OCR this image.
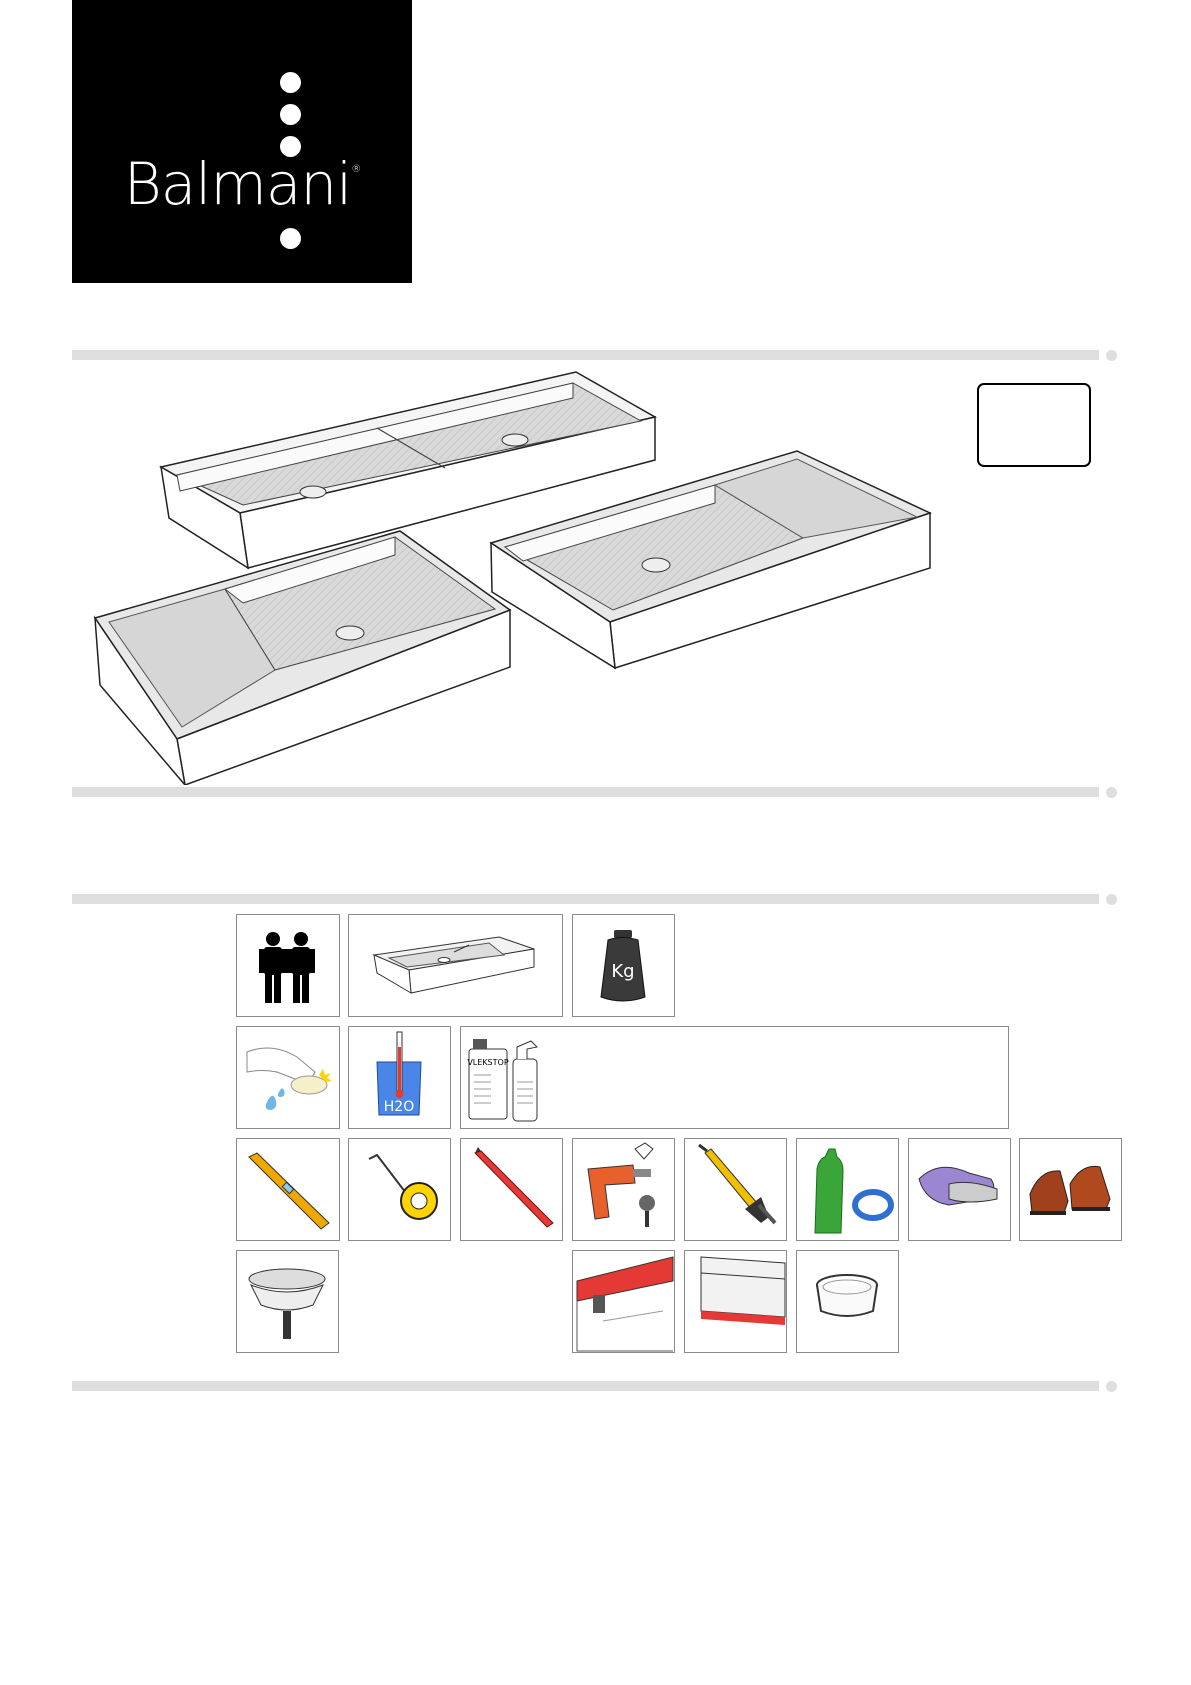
Balmani®
Kg
H2O
VLEKSTOP
